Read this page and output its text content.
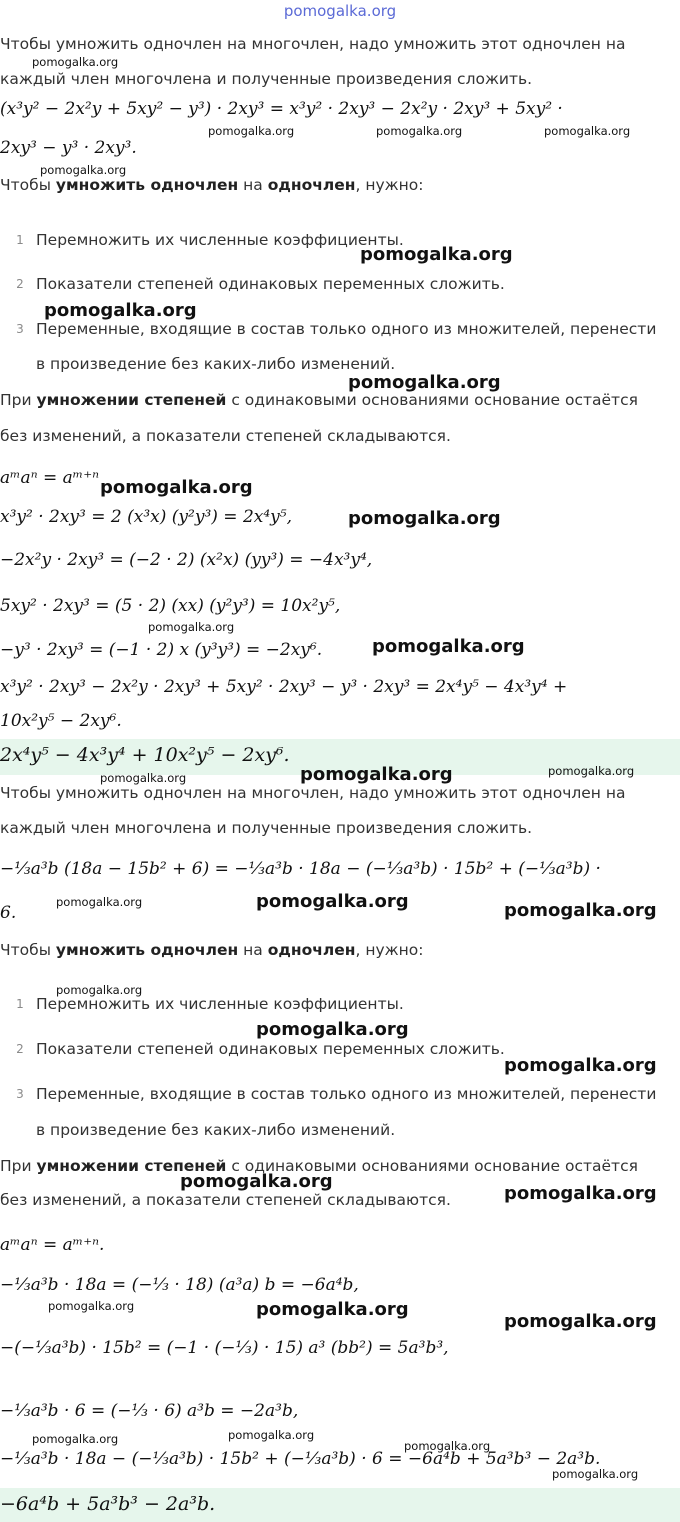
pomogalka.org
Чтобы умножить одночлен на многочлен, надо умножить этот одночлен на
каждый член многочлена и полученные произведения сложить.
(x³y² − 2x²y + 5xy² − y³) · 2xy³ = x³y² · 2xy³ − 2x²y · 2xy³ + 5xy² ·
2xy³ − y³ · 2xy³.
Чтобы умножить одночлен на одночлен, нужно:
1 Перемножить их численные коэффициенты.
2 Показатели степеней одинаковых переменных сложить.
3 Переменные, входящие в состав только одного из множителей, перенести
в произведение без каких-либо изменений.
При умножении степеней с одинаковыми основаниями основание остаётся
без изменений, а показатели степеней складываются.
aᵐaⁿ = aᵐ⁺ⁿ
x³y² · 2xy³ = 2 (x³x) (y²y³) = 2x⁴y⁵,
−2x²y · 2xy³ = (−2 · 2) (x²x) (yy³) = −4x³y⁴,
5xy² · 2xy³ = (5 · 2) (xx) (y²y³) = 10x²y⁵,
−y³ · 2xy³ = (−1 · 2) x (y³y³) = −2xy⁶.
x³y² · 2xy³ − 2x²y · 2xy³ + 5xy² · 2xy³ − y³ · 2xy³ = 2x⁴y⁵ − 4x³y⁴ +
10x²y⁵ − 2xy⁶.
2x⁴y⁵ − 4x³y⁴ + 10x²y⁵ − 2xy⁶.
Чтобы умножить одночлен на многочлен, надо умножить этот одночлен на
каждый член многочлена и полученные произведения сложить.
−⅓a³b (18a − 15b² + 6) = −⅓a³b · 18a − (−⅓a³b) · 15b² + (−⅓a³b) ·
6.
Чтобы умножить одночлен на одночлен, нужно:
1 Перемножить их численные коэффициенты.
2 Показатели степеней одинаковых переменных сложить.
3 Переменные, входящие в состав только одного из множителей, перенести
в произведение без каких-либо изменений.
При умножении степеней с одинаковыми основаниями основание остаётся
без изменений, а показатели степеней складываются.
aᵐaⁿ = aᵐ⁺ⁿ.
−⅓a³b · 18a = (−⅓ · 18) (a³a) b = −6a⁴b,
−(−⅓a³b) · 15b² = (−1 · (−⅓) · 15) a³ (bb²) = 5a³b³,
−⅓a³b · 6 = (−⅓ · 6) a³b = −2a³b,
−⅓a³b · 18a − (−⅓a³b) · 15b² + (−⅓a³b) · 6 = −6a⁴b + 5a³b³ − 2a³b.
−6a⁴b + 5a³b³ − 2a³b.
pomogalka.org
pomogalka.org	pomogalka.org	pomogalka.org
pomogalka.org
pomogalka.org
pomogalka.org
pomogalka.org
pomogalka.org
pomogalka.org
pomogalka.org
pomogalka.org
pomogalka.org	pomogalka.org	pomogalka.org
pomogalka.org	pomogalka.org	pomogalka.org
pomogalka.org
pomogalka.org
pomogalka.org
pomogalka.org
pomogalka.org
pomogalka.org	pomogalka.org
pomogalka.org
pomogalka.org	pomogalka.org
pomogalka.org
pomogalka.org
